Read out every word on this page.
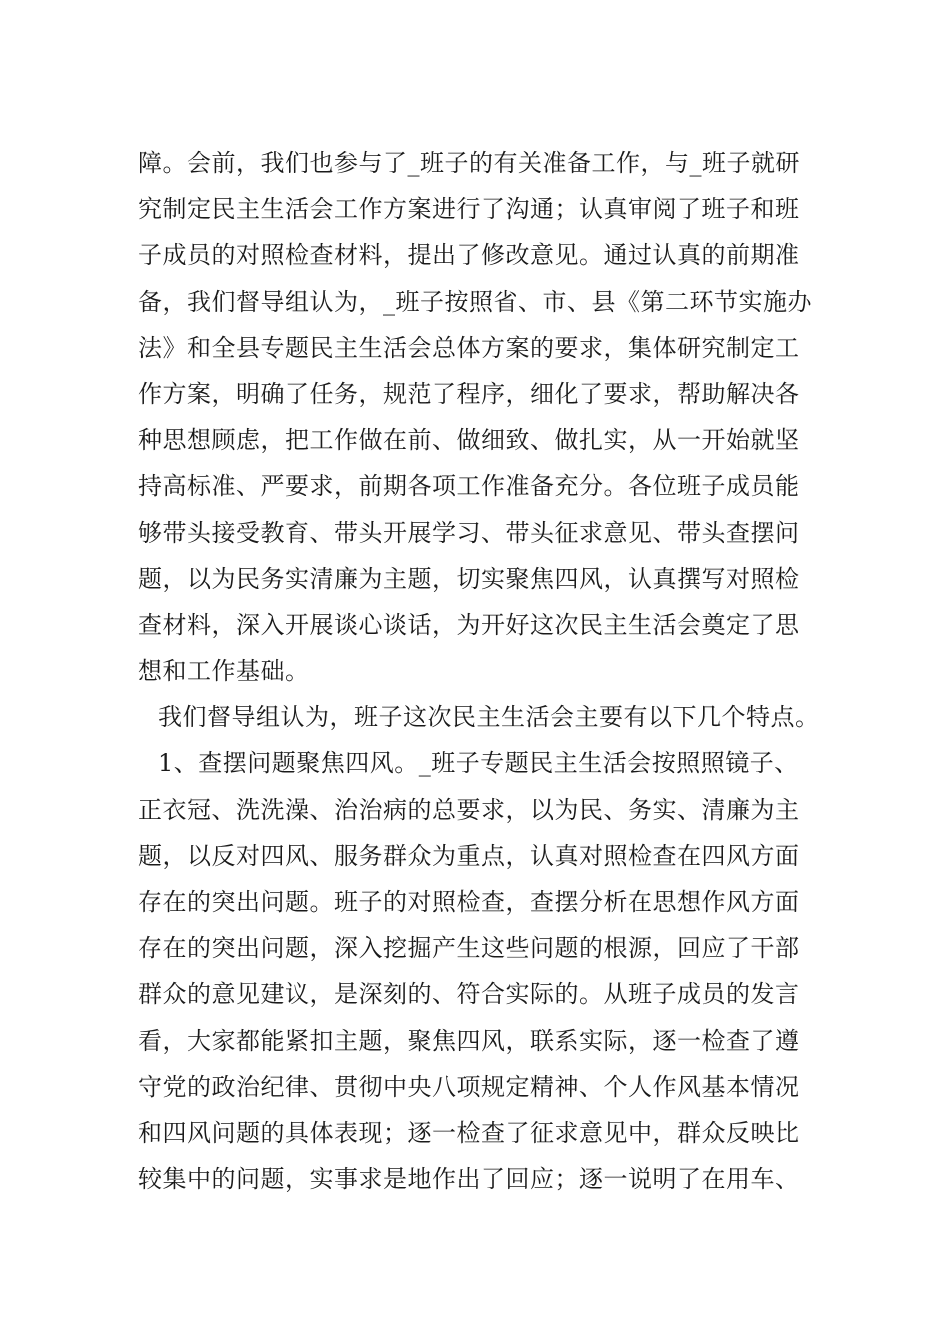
障。会前，我们也参与了_班子的有关准备工作，与_班子就研
究制定民主生活会工作方案进行了沟通；认真审阅了班子和班
子成员的对照检查材料，提出了修改意见。通过认真的前期准
备，我们督导组认为，_班子按照省、市、县《第二环节实施办
法》和全县专题民主生活会总体方案的要求，集体研究制定工
作方案，明确了任务，规范了程序，细化了要求，帮助解决各
种思想顾虑，把工作做在前、做细致、做扎实，从一开始就坚
持高标准、严要求，前期各项工作准备充分。各位班子成员能
够带头接受教育、带头开展学习、带头征求意见、带头查摆问
题，以为民务实清廉为主题，切实聚焦四风，认真撰写对照检
查材料，深入开展谈心谈话，为开好这次民主生活会奠定了思
想和工作基础。
我们督导组认为，班子这次民主生活会主要有以下几个特点。
1、查摆问题聚焦四风。_班子专题民主生活会按照照镜子、
正衣冠、洗洗澡、治治病的总要求，以为民、务实、清廉为主
题，以反对四风、服务群众为重点，认真对照检查在四风方面
存在的突出问题。班子的对照检查，查摆分析在思想作风方面
存在的突出问题，深入挖掘产生这些问题的根源，回应了干部
群众的意见建议，是深刻的、符合实际的。从班子成员的发言
看，大家都能紧扣主题，聚焦四风，联系实际，逐一检查了遵
守党的政治纪律、贯彻中央八项规定精神、个人作风基本情况
和四风问题的具体表现；逐一检查了征求意见中，群众反映比
较集中的问题，实事求是地作出了回应；逐一说明了在用车、
